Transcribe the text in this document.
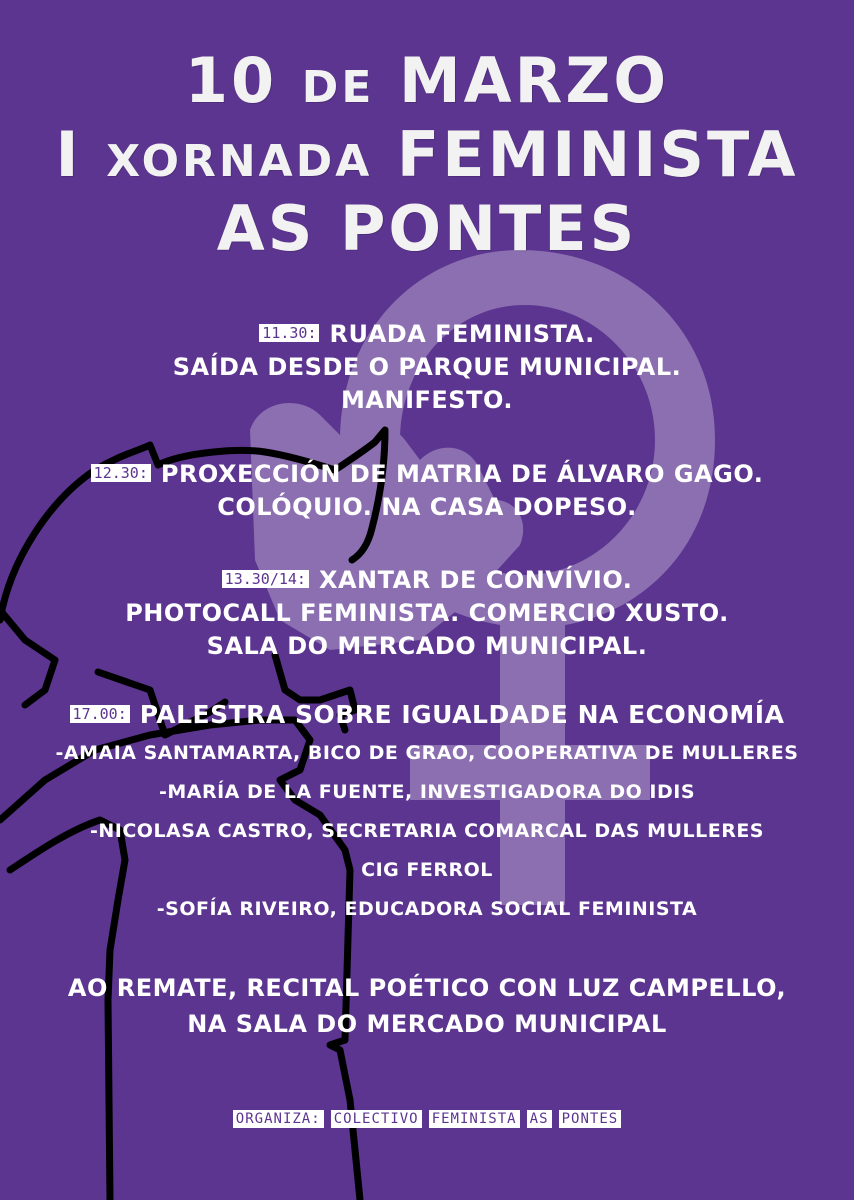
10 DE MARZO
I XORNADA FEMINISTA
AS PONTES
11.30: RUADA FEMINISTA.
SAÍDA DESDE O PARQUE MUNICIPAL.
MANIFESTO.
12.30: PROXECCIÓN DE MATRIA DE ÁLVARO GAGO.
COLÓQUIO. NA CASA DOPESO.
13.30/14: XANTAR DE CONVÍVIO.
PHOTOCALL FEMINISTA. COMERCIO XUSTO.
SALA DO MERCADO MUNICIPAL.
17.00: PALESTRA SOBRE IGUALDADE NA ECONOMÍA
-AMAIA SANTAMARTA, BICO DE GRAO, COOPERATIVA DE MULLERES
-MARÍA DE LA FUENTE, INVESTIGADORA DO IDIS
-NICOLASA CASTRO, SECRETARIA COMARCAL DAS MULLERES
CIG FERROL
-SOFÍA RIVEIRO, EDUCADORA SOCIAL FEMINISTA
AO REMATE, RECITAL POÉTICO CON LUZ CAMPELLO,
NA SALA DO MERCADO MUNICIPAL
ORGANIZA: COLECTIVO FEMINISTA AS PONTES
